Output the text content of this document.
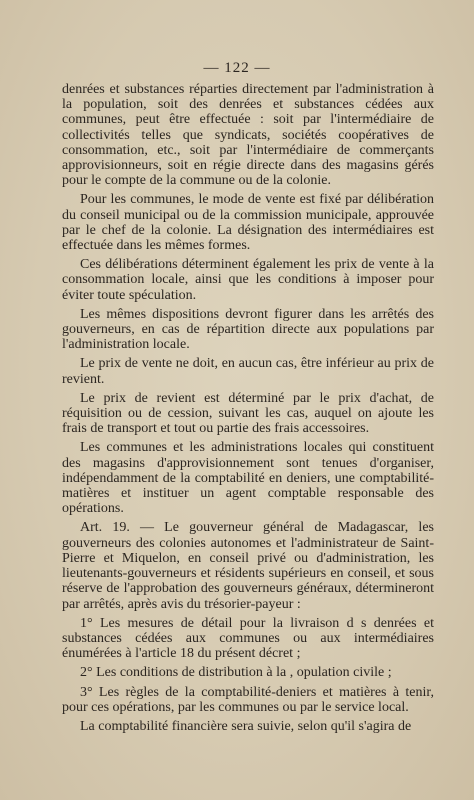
— 122 —

denrées et substances réparties directement par l'administration à la population, soit des denrées et substances cédées aux communes, peut être effectuée : soit par l'intermédiaire de collectivités telles que syndicats, sociétés coopératives de consommation, etc., soit par l'intermédiaire de commerçants approvisionneurs, soit en régie directe dans des magasins gérés pour le compte de la commune ou de la colonie.

Pour les communes, le mode de vente est fixé par délibération du conseil municipal ou de la commission municipale, approuvée par le chef de la colonie. La désignation des intermédiaires est effectuée dans les mêmes formes.

Ces délibérations déterminent également les prix de vente à la consommation locale, ainsi que les conditions à imposer pour éviter toute spéculation.

Les mêmes dispositions devront figurer dans les arrêtés des gouverneurs, en cas de répartition directe aux populations par l'administration locale.

Le prix de vente ne doit, en aucun cas, être inférieur au prix de revient.

Le prix de revient est déterminé par le prix d'achat, de réquisition ou de cession, suivant les cas, auquel on ajoute les frais de transport et tout ou partie des frais accessoires.

Les communes et les administrations locales qui constituent des magasins d'approvisionnement sont tenues d'organiser, indépendamment de la comptabilité en deniers, une comptabilité-matières et instituer un agent comptable responsable des opérations.

Art. 19. — Le gouverneur général de Madagascar, les gouverneurs des colonies autonomes et l'administrateur de Saint-Pierre et Miquelon, en conseil privé ou d'administration, les lieutenants-gouverneurs et résidents supérieurs en conseil, et sous réserve de l'approbation des gouverneurs généraux, détermineront par arrêtés, après avis du trésorier-payeur :

1° Les mesures de détail pour la livraison d s denrées et substances cédées aux communes ou aux intermédiaires énumérées à l'article 18 du présent décret ;

2° Les conditions de distribution à la , opulation civile ;

3° Les règles de la comptabilité-deniers et matières à tenir, pour ces opérations, par les communes ou par le service local.

La comptabilité financière sera suivie, selon qu'il s'agira de
